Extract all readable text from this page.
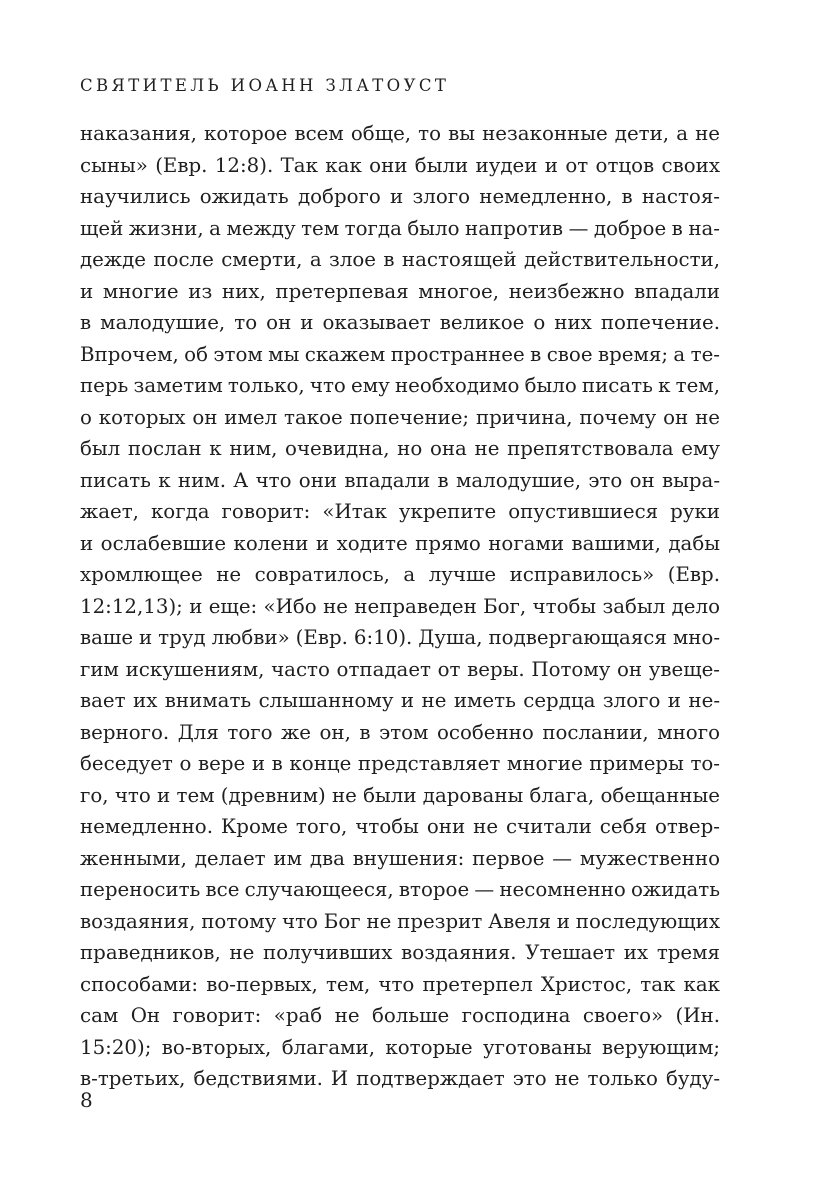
СВЯТИТЕЛЬ ИОАНН ЗЛАТОУСТ
наказания, которое всем обще, то вы незаконные дети, а не
сыны» (Евр. 12:8). Так как они были иудеи и от отцов своих
научились ожидать доброго и злого немедленно, в настоя-
щей жизни, а между тем тогда было напротив — доброе в на-
дежде после смерти, а злое в настоящей действительности,
и многие из них, претерпевая многое, неизбежно впадали
в малодушие, то он и оказывает великое о них попечение.
Впрочем, об этом мы скажем пространнее в свое время; а те-
перь заметим только, что ему необходимо было писать к тем,
о которых он имел такое попечение; причина, почему он не
был послан к ним, очевидна, но она не препятствовала ему
писать к ним. А что они впадали в малодушие, это он выра-
жает, когда говорит: «Итак укрепите опустившиеся руки
и ослабевшие колени и ходите прямо ногами вашими, дабы
хромлющее не совратилось, а лучше исправилось» (Евр.
12:12,13); и еще: «Ибо не неправеден Бог, чтобы забыл дело
ваше и труд любви» (Евр. 6:10). Душа, подвергающаяся мно-
гим искушениям, часто отпадает от веры. Потому он увеще-
вает их внимать слышанному и не иметь сердца злого и не-
верного. Для того же он, в этом особенно послании, много
беседует о вере и в конце представляет многие примеры то-
го, что и тем (древним) не были дарованы блага, обещанные
немедленно. Кроме того, чтобы они не считали себя отвер-
женными, делает им два внушения: первое — мужественно
переносить все случающееся, второе — несомненно ожидать
воздаяния, потому что Бог не презрит Авеля и последующих
праведников, не получивших воздаяния. Утешает их тремя
способами: во-первых, тем, что претерпел Христос, так как
сам Он говорит: «раб не больше господина своего» (Ин.
15:20); во-вторых, благами, которые уготованы верующим;
в-третьих, бедствиями. И подтверждает это не только буду-
8
